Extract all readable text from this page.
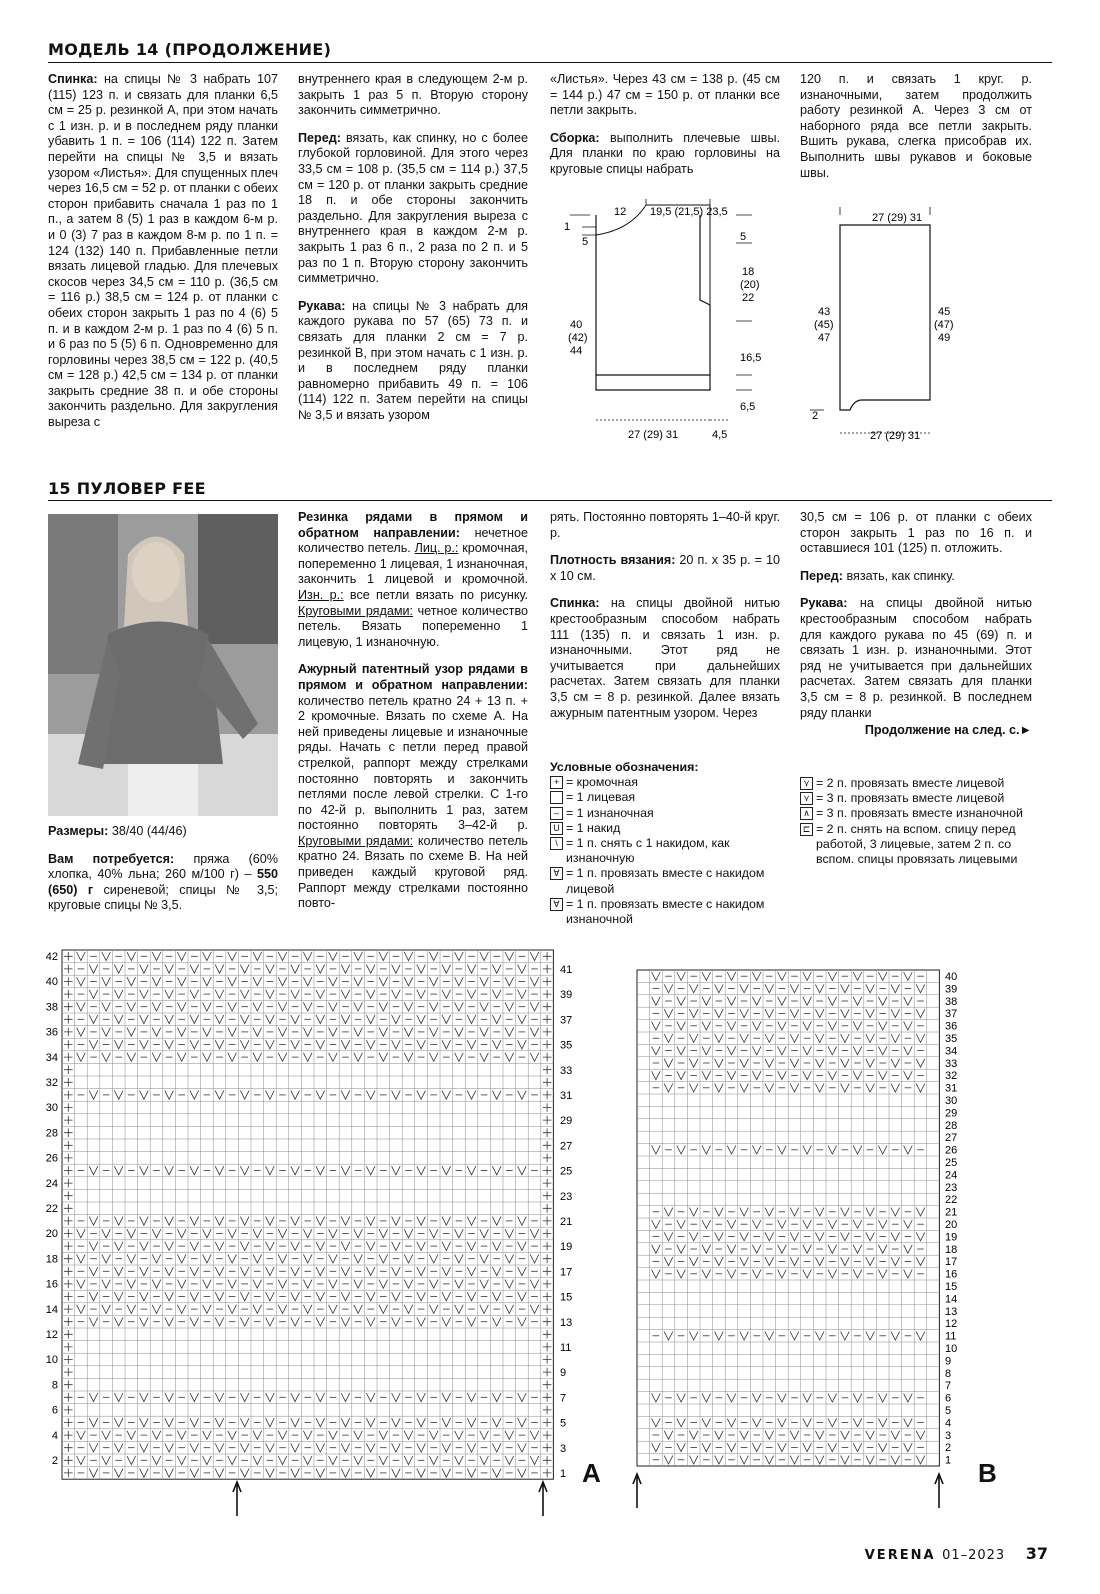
МОДЕЛЬ 14 (ПРОДОЛЖЕНИЕ)

Спинка: на спицы № 3 набрать 107 (115) 123 п. и связать для планки 6,5 см = 25 р. резинкой А, при этом начать с 1 изн. р. и в последнем ряду планки убавить 1 п. = 106 (114) 122 п. Затем перейти на спицы № 3,5 и вязать узором «Листья». Для спущенных плеч через 16,5 см = 52 р. от планки с обеих сторон прибавить сначала 1 раз по 1 п., а затем 8 (5) 1 раз в каждом 6-м р. и 0 (3) 7 раз в каждом 8-м р. по 1 п. = 124 (132) 140 п. Прибавленные петли вязать лицевой гладью. Для плечевых скосов через 34,5 см = 110 р. (36,5 см = 116 р.) 38,5 см = 124 р. от планки с обеих сторон закрыть 1 раз по 4 (6) 5 п. и в каждом 2-м р. 1 раз по 4 (6) 5 п. и 6 раз по 5 (5) 6 п. Одновременно для горловины через 38,5 см = 122 р. (40,5 см = 128 р.) 42,5 см = 134 р. от планки закрыть средние 38 п. и обе стороны закончить раздельно. Для закругления выреза с

внутреннего края в следующем 2-м р. закрыть 1 раз 5 п. Вторую сторону закончить симметрично.

Перед: вязать, как спинку, но с более глубокой горловиной. Для этого через 33,5 см = 108 р. (35,5 см = 114 р.) 37,5 см = 120 р. от планки закрыть средние 18 п. и обе стороны закончить раздельно. Для закругления выреза с внутреннего края в каждом 2-м р. закрыть 1 раз 6 п., 2 раза по 2 п. и 5 раз по 1 п. Вторую сторону закончить симметрично.

Рукава: на спицы № 3 набрать для каждого рукава по 57 (65) 73 п. и связать для планки 2 см = 7 р. резинкой В, при этом начать с 1 изн. р. и в последнем ряду планки равномерно прибавить 49 п. = 106 (114) 122 п. Затем перейти на спицы № 3,5 и вязать узором

«Листья». Через 43 см = 138 р. (45 см = 144 р.) 47 см = 150 р. от планки все петли закрыть.

Сборка: выполнить плечевые швы. Для планки по краю горловины на круговые спицы набрать

120 п. и связать 1 круг. р. изнаночными, затем продолжить работу резинкой А. Через 3 см от наборного ряда все петли закрыть. Вшить рукава, слегка присобрав их. Выполнить швы рукавов и боковые швы.

12 19,5 (21,5) 23,5
1
5	5
18
(20)
22
40
(42)
44
16,5
6,5
27 (29) 31	4,5
27 (29) 31
43
(45)
47
45
(47)
49
2
27 (29) 31
15 ПУЛОВЕР FEE

Размеры: 38/40 (44/46)

Вам потребуется: пряжа (60% хлопка, 40% льна; 260 м/100 г) – 550 (650) г сиреневой; спицы № 3,5; круговые спицы № 3,5.

Резинка рядами в прямом и обратном направлении: нечетное количество петель. Лиц. р.: кромочная, попеременно 1 лицевая, 1 изнаночная, закончить 1 лицевой и кромочной. Изн. р.: все петли вязать по рисунку. Круговыми рядами: четное количество петель. Вязать попеременно 1 лицевую, 1 изнаночную.

Ажурный патентный узор рядами в прямом и обратном направлении: количество петель кратно 24 + 13 п. + 2 кромочные. Вязать по схеме А. На ней приведены лицевые и изнаночные ряды. Начать с петли перед правой стрелкой, раппорт между стрелками постоянно повторять и закончить петлями после левой стрелки. С 1-го по 42-й р. выполнить 1 раз, затем постоянно повторять 3–42-й р. Круговыми рядами: количество петель кратно 24. Вязать по схеме В. На ней приведен каждый круговой ряд. Раппорт между стрелками постоянно повто-

рять. Постоянно повторять 1–40-й круг. р.

Плотность вязания: 20 п. х 35 р. = 10 х 10 см.

Спинка: на спицы двойной нитью крестообразным способом набрать 111 (135) п. и связать 1 изн. р. изнаночными. Этот ряд не учитывается при дальнейших расчетах. Затем связать для планки 3,5 см = 8 р. резинкой. Далее вязать ажурным патентным узором. Через

30,5 см = 106 р. от планки с обеих сторон закрыть 1 раз по 16 п. и оставшиеся 101 (125) п. отложить.

Перед: вязать, как спинку.

Рукава: на спицы двойной нитью крестообразным способом набрать для каждого рукава по 45 (69) п. и связать 1 изн. р. изнаночными. Этот ряд не учитывается при дальнейших расчетах. Затем связать для планки 3,5 см = 8 р. резинкой. В последнем ряду планки

Продолжение на след. с.►
Условные обозначения:
+ = кромочная
= 1 лицевая
– = 1 изнаночная
U = 1 накид
\ = 1 п. снять с 1 накидом, как изнаночную
∀ = 1 п. провязать вместе с накидом лицевой
∀ = 1 п. провязать вместе с накидом изнаночной
⋎ = 2 п. провязать вместе лицевой
⋎ = 3 п. провязать вместе лицевой
∧ = 3 п. провязать вместе изнаночной
⊏ = 2 п. снять на вспом. спицу перед работой, 3 лицевые, затем 2 п. со вспом. спицы провязать лицевыми
42
40
38
36
34
32
30
28
26
24
22
20
18
16
14
12
10
8
6
4
2
41
39
37
35
33
31
29
27
25
23
21
19
17
15
13
11
9
7
5
3
1 A
40
39
38
37
36
35
34
33
32
31
30
29
28
27
26
25
24
23
22
21
20
19
18
17
16
15
14
13
12
11
10
9
8
7
6
5
4
3
2
1 B
VERENA 01–2023 37
